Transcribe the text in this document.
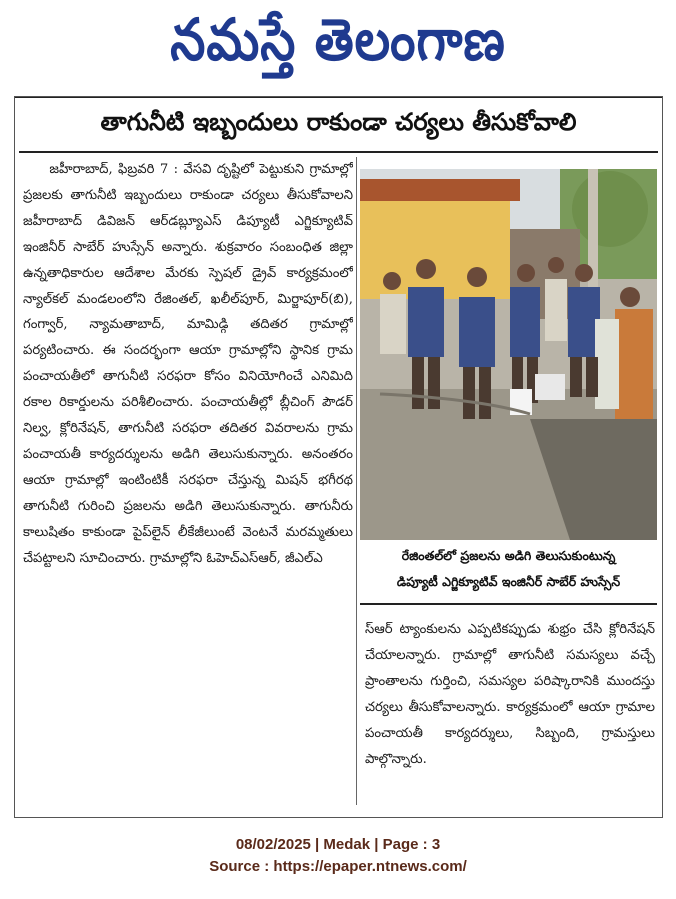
నమస్తే తెలంగాణ
తాగునీటి ఇబ్బందులు రాకుండా చర్యలు తీసుకోవాలి

జహీరాబాద్, ఫిబ్రవరి 7 : వేసవి దృష్టిలో పెట్టుకుని గ్రామాల్లో ప్రజలకు తాగునీటి ఇబ్బందులు రాకుండా చర్యలు తీసుకోవాలని జహీరాబాద్ డివిజన్ ఆర్‌డబ్ల్యూఎస్ డిప్యూటీ ఎగ్జిక్యూటివ్ ఇంజినీర్ సాబేర్ హుస్సేన్ అన్నారు. శుక్రవారం సంబంధిత జిల్లా ఉన్నతాధికారుల ఆదేశాల మేరకు స్పెషల్ డ్రైవ్ కార్యక్రమంలో న్యాల్‌కల్ మండలంలోని రేజింతల్, ఖలీల్‌పూర్, మిర్జాపూర్(బి), గంగ్వార్, న్యామతాబాద్, మామిడ్గి తదితర గ్రామాల్లో పర్యటించారు. ఈ సందర్భంగా ఆయా గ్రామాల్లోని స్థానిక గ్రామ పంచాయతీలో తాగునీటి సరఫరా కోసం వినియోగించే ఎనిమిది రకాల రికార్డులను పరిశీలించారు. పంచాయతీల్లో బ్లీచింగ్ పౌడర్ నిల్వ, క్లోరినేషన్, తాగునీటి సరఫరా తదితర వివరాలను గ్రామ పంచాయతీ కార్యదర్శులను అడిగి తెలుసుకున్నారు. అనంతరం ఆయా గ్రామాల్లో ఇంటింటికీ సరఫరా చేస్తున్న మిషన్ భగీరథ తాగునీటి గురించి ప్రజలను అడిగి తెలుసుకున్నారు. తాగునీరు కాలుషితం కాకుండా పైప్‌లైన్ లీకేజీలుంటే వెంటనే మరమ్మతులు చేపట్టాలని సూచించారు. గ్రామాల్లోని ఓహెచ్ఎస్ఆర్, జీఎల్ఎ	రేజింతల్‌లో ప్రజలను అడిగి తెలుసుకుంటున్న
డిప్యూటీ ఎగ్జిక్యూటివ్ ఇంజినీర్ సాబేర్ హుస్సేన్

స్ఆర్ ట్యాంకులను ఎప్పటికప్పుడు శుభ్రం చేసి క్లోరినేషన్ చేయాలన్నారు. గ్రామాల్లో తాగునీటి సమస్యలు వచ్చే ప్రాంతాలను గుర్తించి, సమస్యల పరిష్కారానికి ముందస్తు చర్యలు తీసుకోవాలన్నారు. కార్యక్రమంలో ఆయా గ్రామాల పంచాయతీ కార్యదర్శులు, సిబ్బంది, గ్రామస్తులు పాల్గొన్నారు.

08/02/2025 | Medak | Page : 3
Source : https://epaper.ntnews.com/
